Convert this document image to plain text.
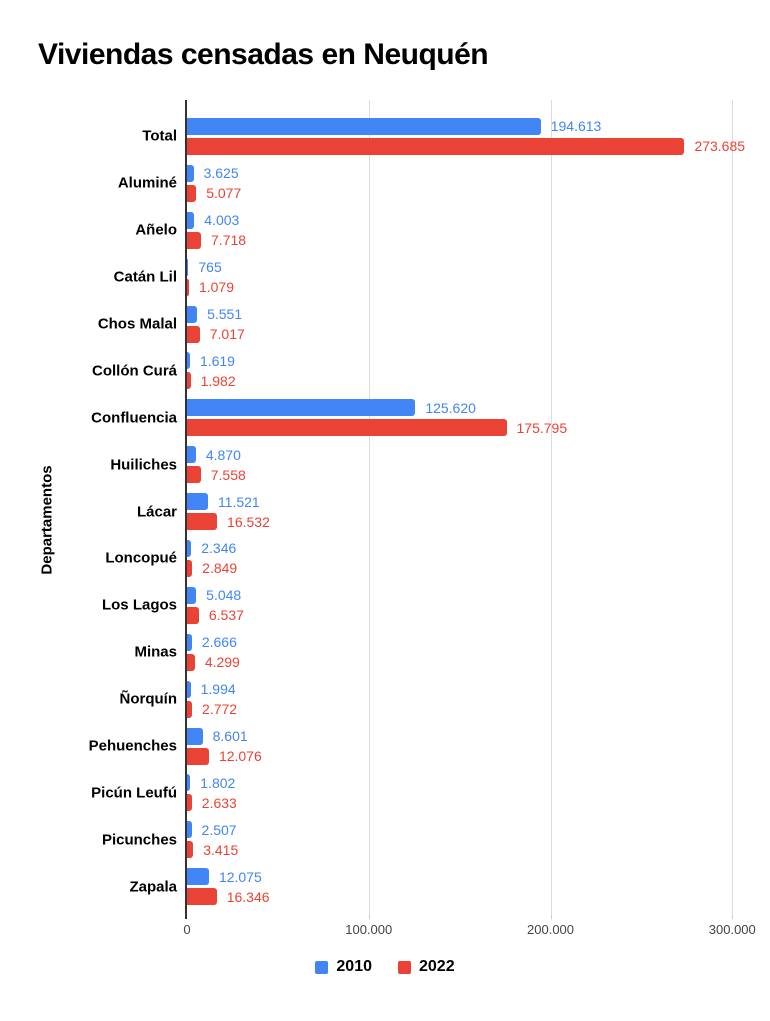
Viviendas censadas en Neuquén
Departamentos
Total
194.613
273.685
Aluminé
3.625
5.077
Añelo
4.003
7.718
Catán Lil
765
1.079
Chos Malal
5.551
7.017
Collón Curá
1.619
1.982
Confluencia
125.620
175.795
Huiliches
4.870
7.558
Lácar
11.521
16.532
Loncopué
2.346
2.849
Los Lagos
5.048
6.537
Minas
2.666
4.299
Ñorquín
1.994
2.772
Pehuenches
8.601
12.076
Picún Leufú
1.802
2.633
Picunches
2.507
3.415
Zapala
12.075
16.346
0	100.000	200.000	300.000
2010	2022
